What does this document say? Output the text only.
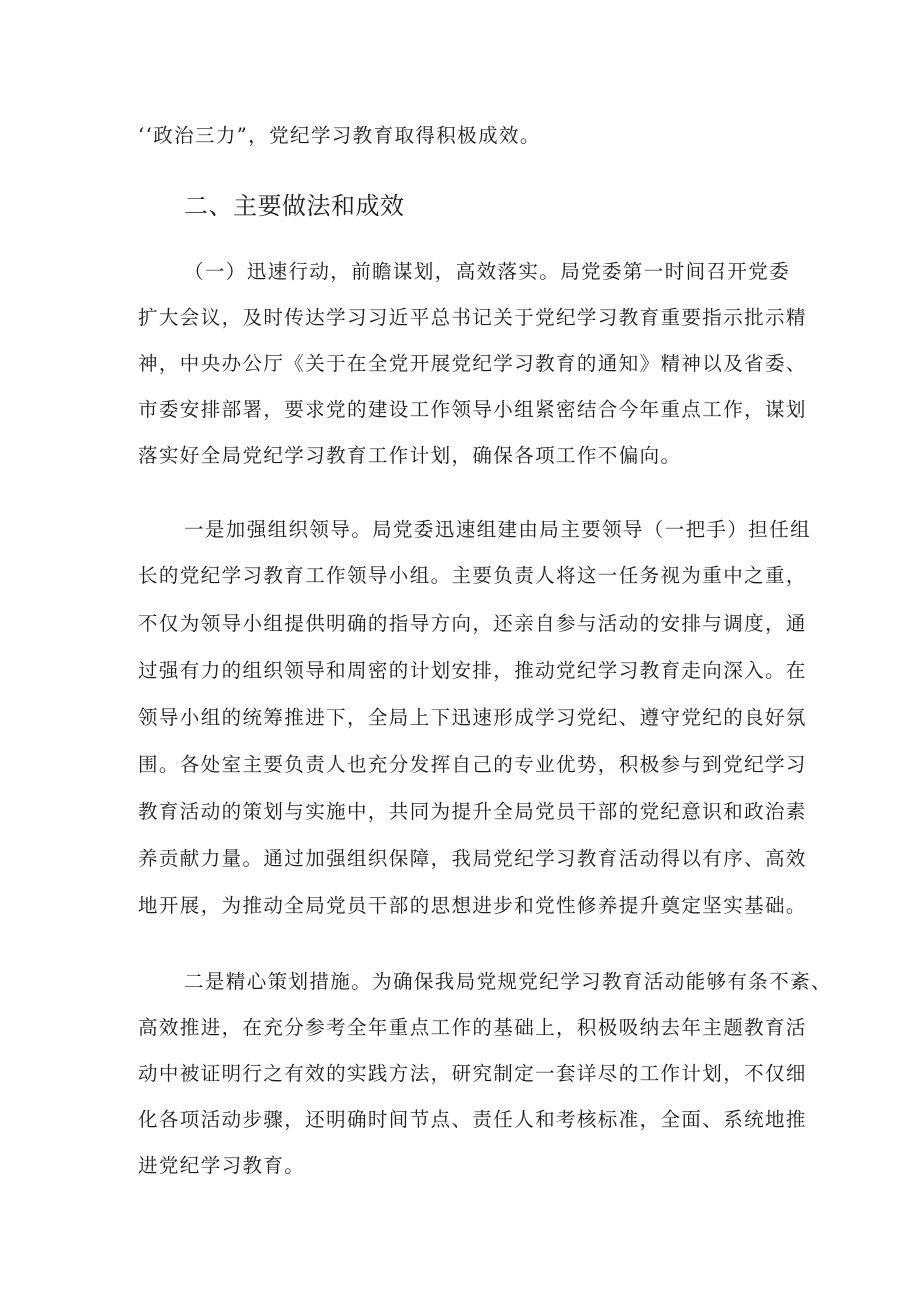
‘‘政治三力”，党纪学习教育取得积极成效。
二、主要做法和成效
（一）迅速行动，前瞻谋划，高效落实。局党委第一时间召开党委
扩大会议，及时传达学习习近平总书记关于党纪学习教育重要指示批示精
神，中央办公厅《关于在全党开展党纪学习教育的通知》精神以及省委、
市委安排部署，要求党的建设工作领导小组紧密结合今年重点工作，谋划
落实好全局党纪学习教育工作计划，确保各项工作不偏向。
一是加强组织领导。局党委迅速组建由局主要领导（一把手）担任组
长的党纪学习教育工作领导小组。主要负责人将这一任务视为重中之重，
不仅为领导小组提供明确的指导方向，还亲自参与活动的安排与调度，通
过强有力的组织领导和周密的计划安排，推动党纪学习教育走向深入。在
领导小组的统筹推进下，全局上下迅速形成学习党纪、遵守党纪的良好氛
围。各处室主要负责人也充分发挥自己的专业优势，积极参与到党纪学习
教育活动的策划与实施中，共同为提升全局党员干部的党纪意识和政治素
养贡献力量。通过加强组织保障，我局党纪学习教育活动得以有序、高效
地开展，为推动全局党员干部的思想进步和党性修养提升奠定坚实基础。
二是精心策划措施。为确保我局党规党纪学习教育活动能够有条不紊、
高效推进，在充分参考全年重点工作的基础上，积极吸纳去年主题教育活
动中被证明行之有效的实践方法，研究制定一套详尽的工作计划，不仅细
化各项活动步骤，还明确时间节点、责任人和考核标准，全面、系统地推
进党纪学习教育。
